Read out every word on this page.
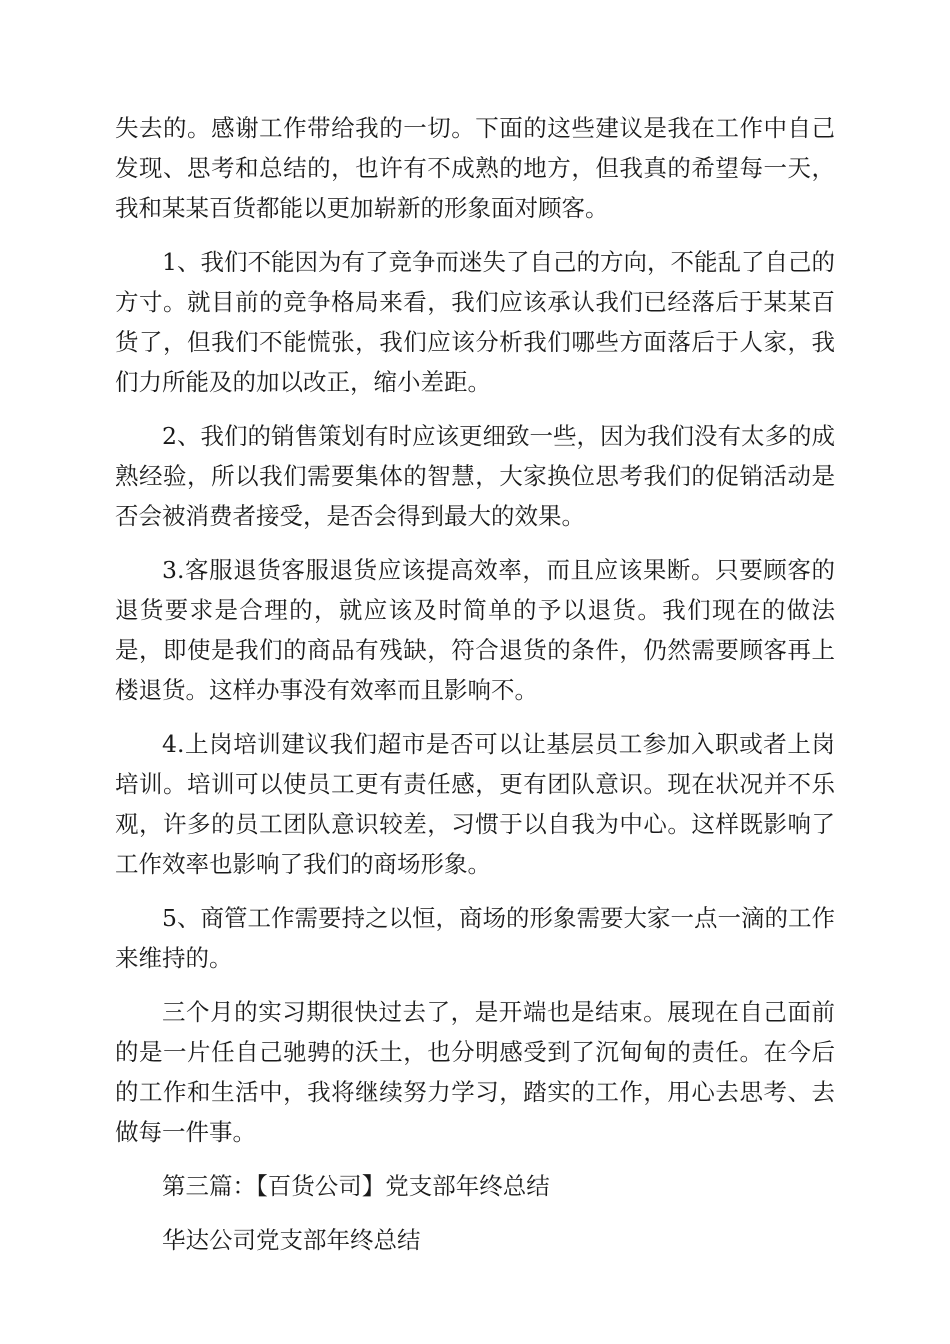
失去的。感谢工作带给我的一切。下面的这些建议是我在工作中自己发现、思考和总结的，也许有不成熟的地方，但我真的希望每一天，我和某某百货都能以更加崭新的形象面对顾客。

1、我们不能因为有了竞争而迷失了自己的方向，不能乱了自己的方寸。就目前的竞争格局来看，我们应该承认我们已经落后于某某百货了，但我们不能慌张，我们应该分析我们哪些方面落后于人家，我们力所能及的加以改正，缩小差距。

2、我们的销售策划有时应该更细致一些，因为我们没有太多的成熟经验，所以我们需要集体的智慧，大家换位思考我们的促销活动是否会被消费者接受，是否会得到最大的效果。

3.客服退货客服退货应该提高效率，而且应该果断。只要顾客的退货要求是合理的，就应该及时简单的予以退货。我们现在的做法是，即使是我们的商品有残缺，符合退货的条件，仍然需要顾客再上楼退货。这样办事没有效率而且影响不。

4.上岗培训建议我们超市是否可以让基层员工参加入职或者上岗培训。培训可以使员工更有责任感，更有团队意识。现在状况并不乐观，许多的员工团队意识较差，习惯于以自我为中心。这样既影响了工作效率也影响了我们的商场形象。

5、商管工作需要持之以恒，商场的形象需要大家一点一滴的工作来维持的。

三个月的实习期很快过去了，是开端也是结束。展现在自己面前的是一片任自己驰骋的沃土，也分明感受到了沉甸甸的责任。在今后的工作和生活中，我将继续努力学习，踏实的工作，用心去思考、去做每一件事。

第三篇：【百货公司】党支部年终总结

华达公司党支部年终总结
